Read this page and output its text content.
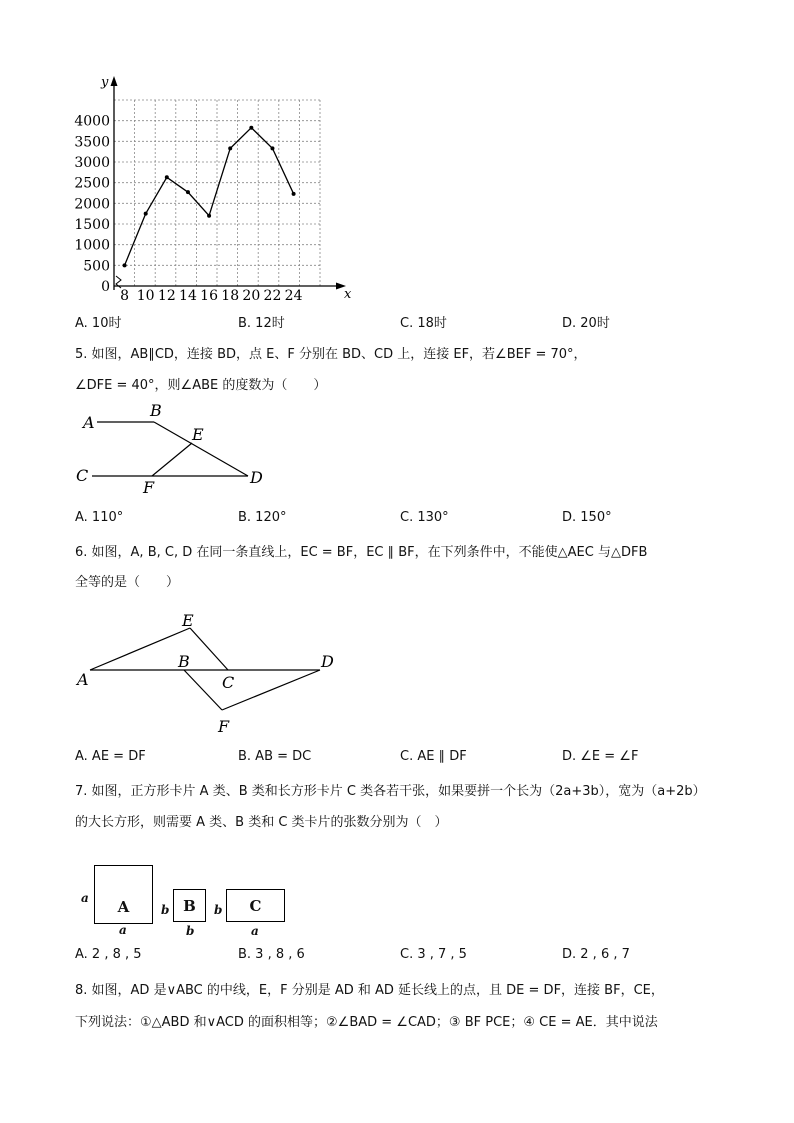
4000
3500
3000
2500
2000
1500
1000
500
0
8 10 12 14 16 18 20 22 24	x
y
A. 10时	B. 12时	C. 18时	D. 20时
5. 如图，AB∥CD，连接 BD，点 E、F 分别在 BD、CD 上，连接 EF，若∠BEF = 70°，
∠DFE = 40°，则∠ABE 的度数为（　　）
A
B
E
C
F
D
A. 110°	B. 120°	C. 130°	D. 150°
6. 如图，A, B, C, D 在同一条直线上，EC = BF，EC ∥ BF，在下列条件中，不能使△AEC 与△DFB
全等的是（　　）
E
B	D
A	C
F
A. AE = DF	B. AB = DC	C. AE ∥ DF	D. ∠E = ∠F
7. 如图，正方形卡片 A 类、B 类和长方形卡片 C 类各若干张，如果要拼一个长为（2a+3b），宽为（a+2b）
的大长方形，则需要 A 类、B 类和 C 类卡片的张数分别为（　）
A
a
a
B
b
b
C
b
a
A. 2 , 8 , 5	B. 3 , 8 , 6	C. 3 , 7 , 5	D. 2 , 6 , 7
8. 如图，AD 是∨ABC 的中线，E，F 分别是 AD 和 AD 延长线上的点，且 DE = DF，连接 BF，CE，
下列说法：①△ABD 和∨ACD 的面积相等；②∠BAD = ∠CAD；③ BF PCE；④ CE = AE．其中说法
